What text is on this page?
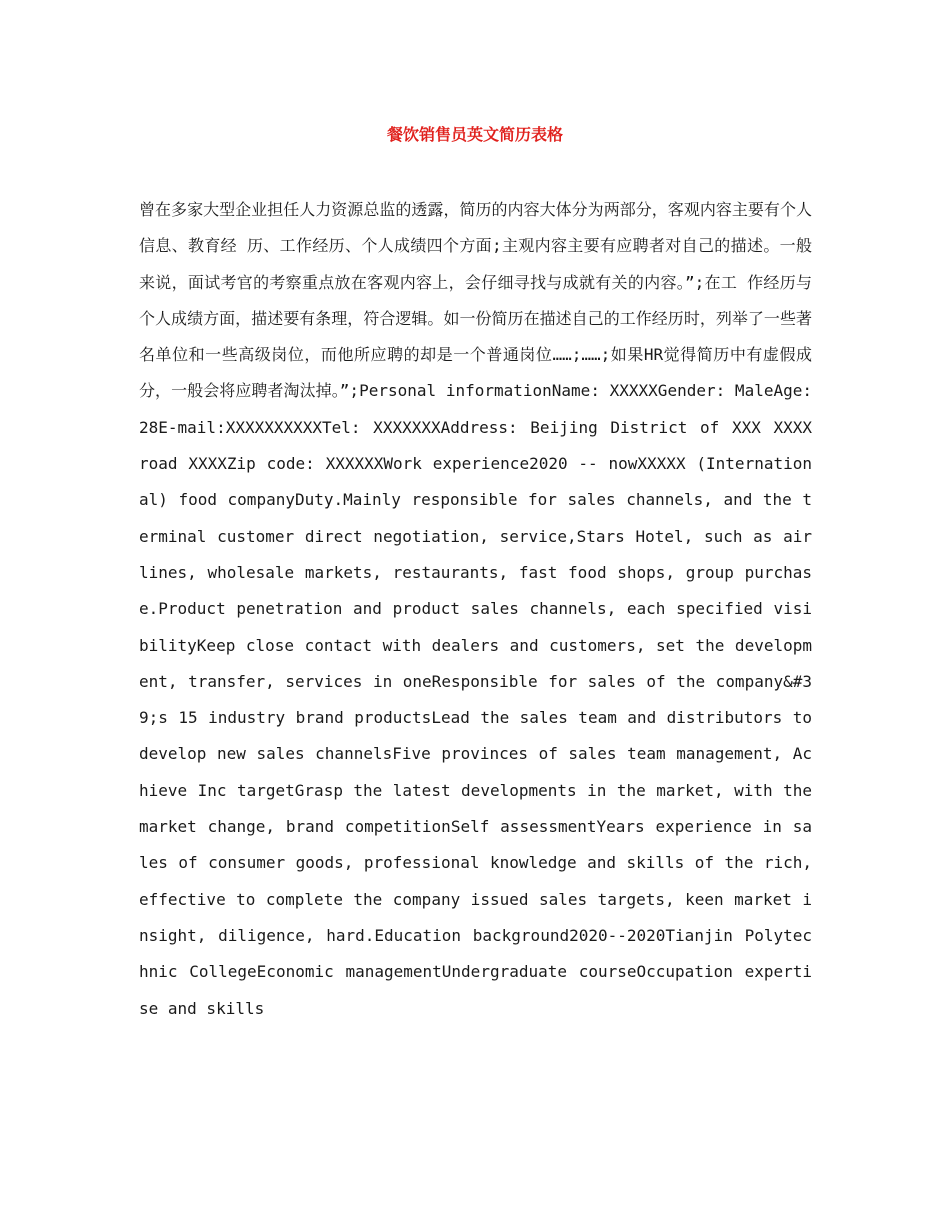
餐饮销售员英文简历表格
曾在多家大型企业担任人力资源总监的透露，简历的内容大体分为两部分，客观内容主要有个人信息、教育经 历、工作经历、个人成绩四个方面;主观内容主要有应聘者对自己的描述。一般来说，面试考官的考察重点放在客观内容上，会仔细寻找与成就有关的内容。”;在工 作经历与个人成绩方面，描述要有条理，符合逻辑。如一份简历在描述自己的工作经历时，列举了一些著名单位和一些高级岗位，而他所应聘的却是一个普通岗位……;……;如果HR觉得简历中有虚假成分，一般会将应聘者淘汰掉。”;Personal informationName: XXXXXGender: MaleAge: 28E-mail:XXXXXXXXXXTel: XXXXXXXAddress: Beijing District of XXX XXXX road XXXXZip code: XXXXXXWork experience2020 -- nowXXXXX (International) food companyDuty.Mainly responsible for sales channels, and the terminal customer direct negotiation, service,Stars Hotel, such as airlines, wholesale markets, restaurants, fast food shops, group purchase.Product penetration and product sales channels, each specified visibilityKeep close contact with dealers and customers, set the development, transfer, services in oneResponsible for sales of the company&#39;s 15 industry brand productsLead the sales team and distributors to develop new sales channelsFive provinces of sales team management, Achieve Inc targetGrasp the latest developments in the market, with the market change, brand competitionSelf assessmentYears experience in sales of consumer goods, professional knowledge and skills of the rich, effective to complete the company issued sales targets, keen market insight, diligence, hard.Education background2020--2020Tianjin Polytechnic CollegeEconomic managementUndergraduate courseOccupation expertise and skills
